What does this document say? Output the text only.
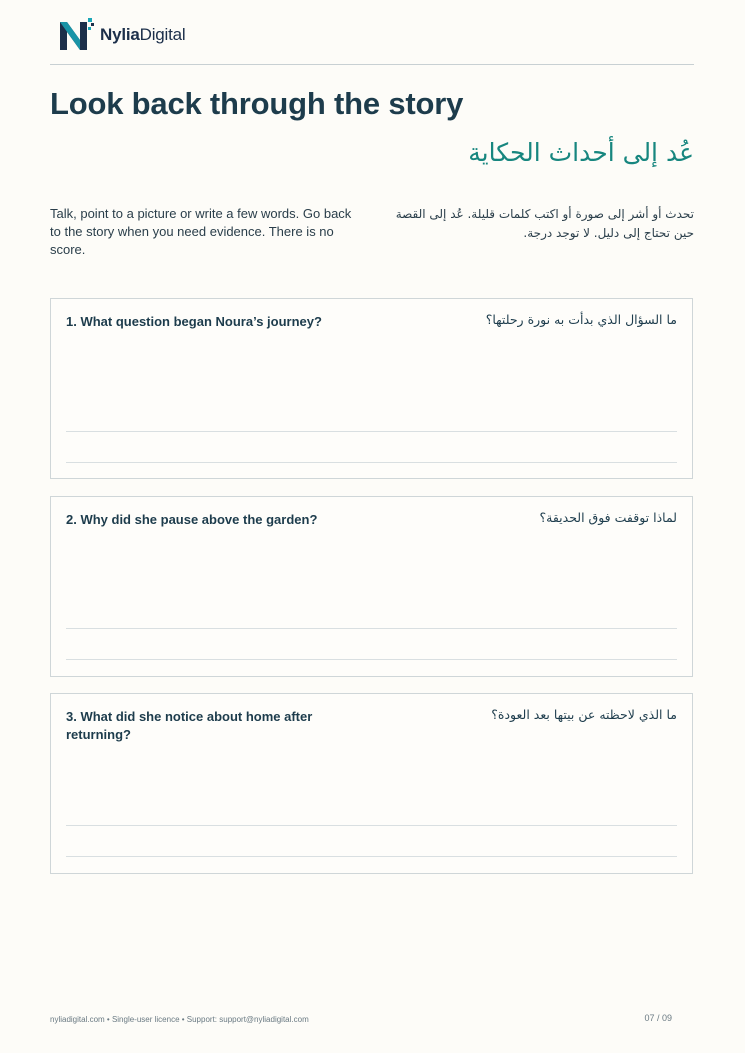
NyliaDigital
Look back through the story
عُد إلى أحداث الحكاية

Talk, point to a picture or write a few words. Go back to the story when you need evidence. There is no score.

تحدث أو أشر إلى صورة أو اكتب كلمات قليلة. عُد إلى القصة حين تحتاج إلى دليل. لا توجد درجة.

1. What question began Noura’s journey?	ما السؤال الذي بدأت به نورة رحلتها؟

2. Why did she pause above the garden?	لماذا توقفت فوق الحديقة؟

3. What did she notice about home after returning?

ما الذي لاحظته عن بيتها بعد العودة؟

nyliadigital.com • Single-user licence • Support: support@nyliadigital.com	07 / 09
